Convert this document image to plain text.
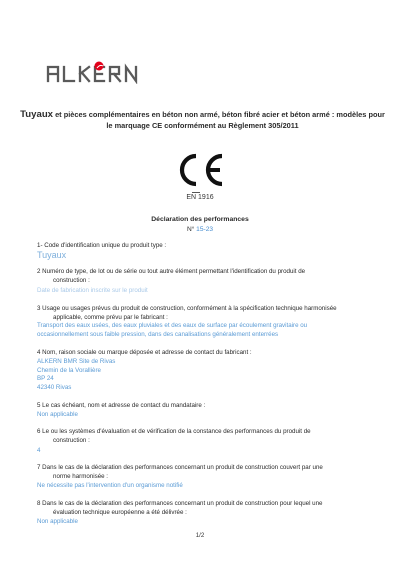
Tuyaux et pièces complémentaires en béton non armé, béton fibré acier et béton armé : modèles pour le marquage CE conformément au Règlement 305/2011
EN 1916
Déclaration des performances
N° 15-23
1- Code d'identification unique du produit type :
Tuyaux
2 Numéro de type, de lot ou de série ou tout autre élément permettant l'identification du produit de
construction :
Date de fabrication inscrite sur le produit
3 Usage ou usages prévus du produit de construction, conformément à la spécification technique harmonisée
applicable, comme prévu par le fabricant :
Transport des eaux usées, des eaux pluviales et des eaux de surface par écoulement gravitaire ou
occasionnellement sous faible pression, dans des canalisations généralement enterrées
4 Nom, raison sociale ou marque déposée et adresse de contact du fabricant :
ALKERN BMR Site de Rivas
Chemin de la Vorallière
BP 24
42340 Rivas
5 Le cas échéant, nom et adresse de contact du mandataire :
Non applicable
6 Le ou les systèmes d'évaluation et de vérification de la constance des performances du produit de
construction :
4
7 Dans le cas de la déclaration des performances concernant un produit de construction couvert par une
norme harmonisée :
Ne nécessite pas l'intervention d'un organisme notifié
8 Dans le cas de la déclaration des performances concernant un produit de construction pour lequel une
évaluation technique européenne a été délivrée :
Non applicable
1/2
